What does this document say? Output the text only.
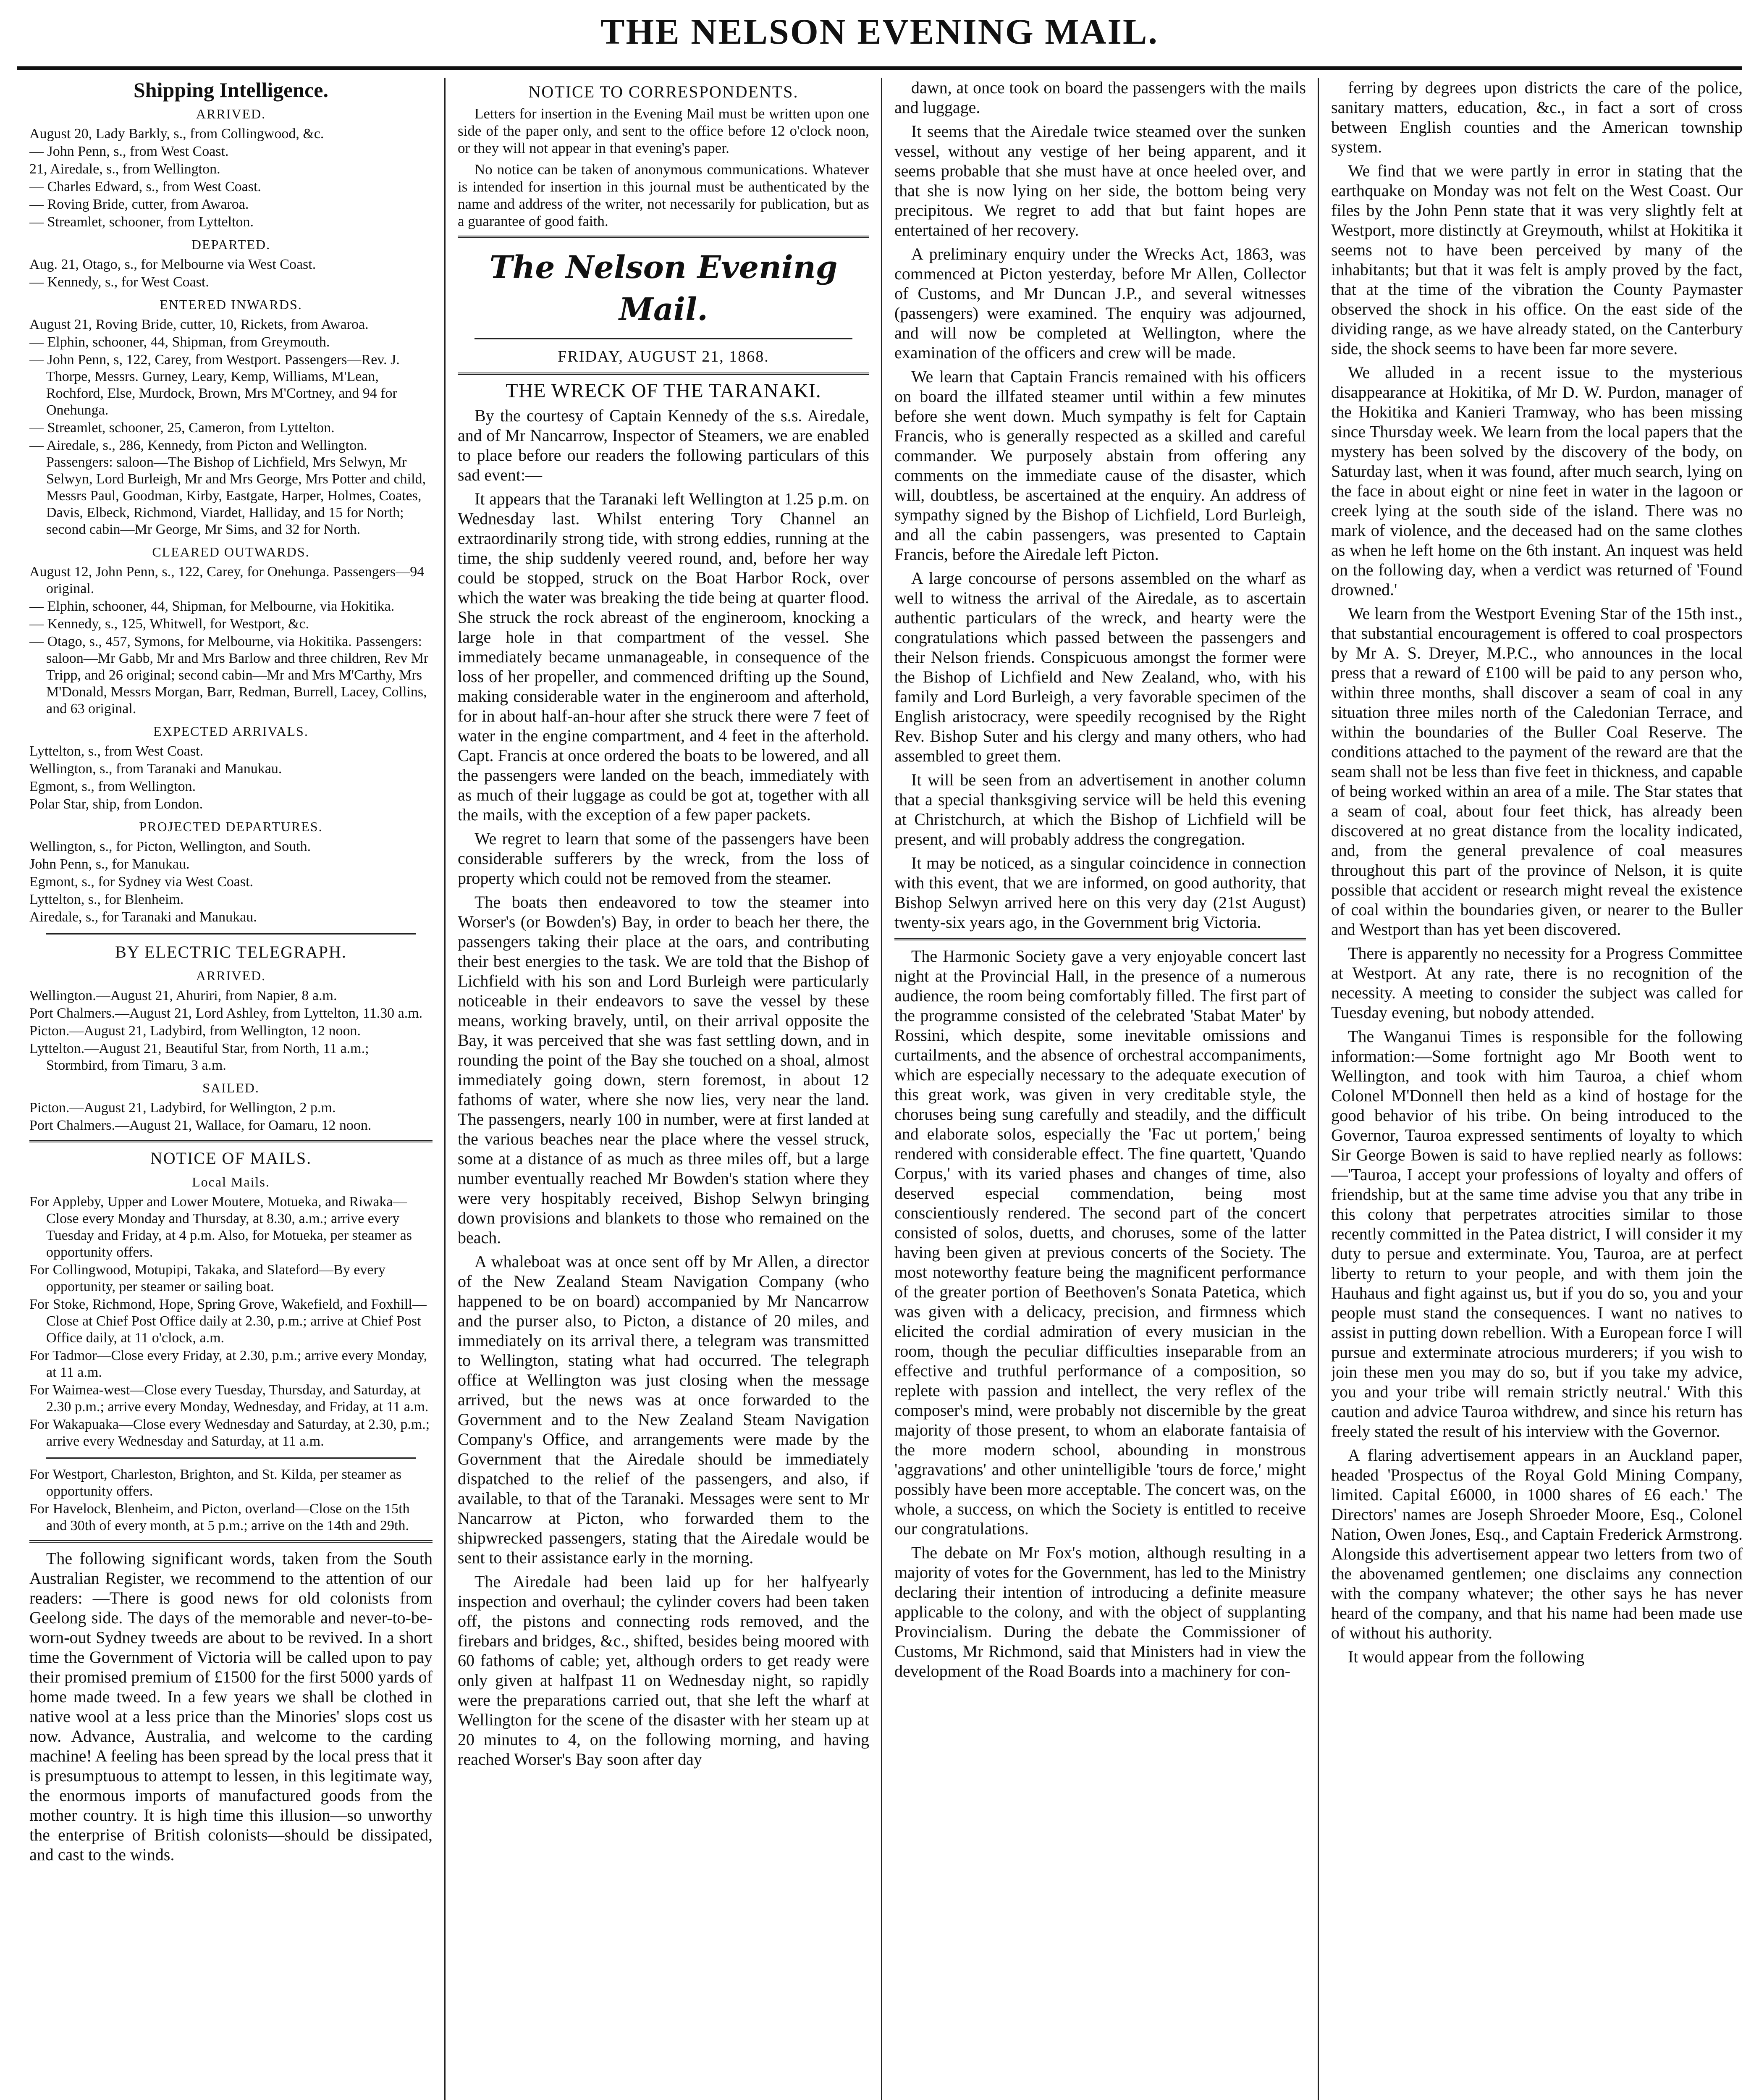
THE NELSON EVENING MAIL.
Shipping Intelligence.
ARRIVED.
August 20, Lady Barkly, s., from Collingwood, &c.
— John Penn, s., from West Coast.
21, Airedale, s., from Wellington.
— Charles Edward, s., from West Coast.
— Roving Bride, cutter, from Awaroa.
— Streamlet, schooner, from Lyttelton.
DEPARTED.
Aug. 21, Otago, s., for Melbourne via West Coast.
— Kennedy, s., for West Coast.
ENTERED INWARDS.
August 21, Roving Bride, cutter, 10, Rickets, from Awaroa.
— Elphin, schooner, 44, Shipman, from Greymouth.
— John Penn, s, 122, Carey, from Westport. Passengers—Rev. J. Thorpe, Messrs. Gurney, Leary, Kemp, Williams, M'Lean, Rochford, Else, Murdock, Brown, Mrs M'Cortney, and 94 for Onehunga.
— Streamlet, schooner, 25, Cameron, from Lyttelton.
— Airedale, s., 286, Kennedy, from Picton and Wellington. Passengers: saloon—The Bishop of Lichfield, Mrs Selwyn, Mr Selwyn, Lord Burleigh, Mr and Mrs George, Mrs Potter and child, Messrs Paul, Goodman, Kirby, Eastgate, Harper, Holmes, Coates, Davis, Elbeck, Richmond, Viardet, Halliday, and 15 for North; second cabin—Mr George, Mr Sims, and 32 for North.
CLEARED OUTWARDS.
August 12, John Penn, s., 122, Carey, for Onehunga. Passengers—94 original.
— Elphin, schooner, 44, Shipman, for Melbourne, via Hokitika.
— Kennedy, s., 125, Whitwell, for Westport, &c.
— Otago, s., 457, Symons, for Melbourne, via Hokitika. Passengers: saloon—Mr Gabb, Mr and Mrs Barlow and three children, Rev Mr Tripp, and 26 original; second cabin—Mr and Mrs M'Carthy, Mrs M'Donald, Messrs Morgan, Barr, Redman, Burrell, Lacey, Collins, and 63 original.
EXPECTED ARRIVALS.
Lyttelton, s., from West Coast.
Wellington, s., from Taranaki and Manukau.
Egmont, s., from Wellington.
Polar Star, ship, from London.
PROJECTED DEPARTURES.
Wellington, s., for Picton, Wellington, and South.
John Penn, s., for Manukau.
Egmont, s., for Sydney via West Coast.
Lyttelton, s., for Blenheim.
Airedale, s., for Taranaki and Manukau.
BY ELECTRIC TELEGRAPH.
ARRIVED.
Wellington.—August 21, Ahuriri, from Napier, 8 a.m.
Port Chalmers.—August 21, Lord Ashley, from Lyttelton, 11.30 a.m.
Picton.—August 21, Ladybird, from Wellington, 12 noon.
Lyttelton.—August 21, Beautiful Star, from North, 11 a.m.; Stormbird, from Timaru, 3 a.m.
SAILED.
Picton.—August 21, Ladybird, for Wellington, 2 p.m.
Port Chalmers.—August 21, Wallace, for Oamaru, 12 noon.
NOTICE OF MAILS.
Local Mails.
For Appleby, Upper and Lower Moutere, Motueka, and Riwaka—Close every Monday and Thursday, at 8.30, a.m.; arrive every Tuesday and Friday, at 4 p.m. Also, for Motueka, per steamer as opportunity offers.
For Collingwood, Motupipi, Takaka, and Slateford—By every opportunity, per steamer or sailing boat.
For Stoke, Richmond, Hope, Spring Grove, Wakefield, and Foxhill—Close at Chief Post Office daily at 2.30, p.m.; arrive at Chief Post Office daily, at 11 o'clock, a.m.
For Tadmor—Close every Friday, at 2.30, p.m.; arrive every Monday, at 11 a.m.
For Waimea-west—Close every Tuesday, Thursday, and Saturday, at 2.30 p.m.; arrive every Monday, Wednesday, and Friday, at 11 a.m.
For Wakapuaka—Close every Wednesday and Saturday, at 2.30, p.m.; arrive every Wednesday and Saturday, at 11 a.m.
For Westport, Charleston, Brighton, and St. Kilda, per steamer as opportunity offers.
For Havelock, Blenheim, and Picton, overland—Close on the 15th and 30th of every month, at 5 p.m.; arrive on the 14th and 29th.

The following significant words, taken from the South Australian Register, we recommend to the attention of our readers: —There is good news for old colonists from Geelong side. The days of the memorable and never-to-be-worn-out Sydney tweeds are about to be revived. In a short time the Government of Victoria will be called upon to pay their promised premium of £1500 for the first 5000 yards of home made tweed. In a few years we shall be clothed in native wool at a less price than the Minories' slops cost us now. Advance, Australia, and welcome to the carding machine! A feeling has been spread by the local press that it is presumptuous to attempt to lessen, in this legitimate way, the enormous imports of manufactured goods from the mother country. It is high time this illusion—so unworthy the enterprise of British colonists—should be dissipated, and cast to the winds.

NOTICE TO CORRESPONDENTS.

Letters for insertion in the Evening Mail must be written upon one side of the paper only, and sent to the office before 12 o'clock noon, or they will not appear in that evening's paper.

No notice can be taken of anonymous communications. Whatever is intended for insertion in this journal must be authenticated by the name and address of the writer, not necessarily for publication, but as a guarantee of good faith.

The Nelson Evening Mail.
FRIDAY, AUGUST 21, 1868.
THE WRECK OF THE TARANAKI.

By the courtesy of Captain Kennedy of the s.s. Airedale, and of Mr Nancarrow, Inspector of Steamers, we are enabled to place before our readers the following particulars of this sad event:—

It appears that the Taranaki left Wellington at 1.25 p.m. on Wednesday last. Whilst entering Tory Channel an extraordinarily strong tide, with strong eddies, running at the time, the ship suddenly veered round, and, before her way could be stopped, struck on the Boat Harbor Rock, over which the water was breaking the tide being at quarter flood. She struck the rock abreast of the engineroom, knocking a large hole in that compartment of the vessel. She immediately became unmanageable, in consequence of the loss of her propeller, and commenced drifting up the Sound, making considerable water in the engineroom and afterhold, for in about half-an-hour after she struck there were 7 feet of water in the engine compartment, and 4 feet in the afterhold. Capt. Francis at once ordered the boats to be lowered, and all the passengers were landed on the beach, immediately with as much of their luggage as could be got at, together with all the mails, with the exception of a few paper packets.

We regret to learn that some of the passengers have been considerable sufferers by the wreck, from the loss of property which could not be removed from the steamer.

The boats then endeavored to tow the steamer into Worser's (or Bowden's) Bay, in order to beach her there, the passengers taking their place at the oars, and contributing their best energies to the task. We are told that the Bishop of Lichfield with his son and Lord Burleigh were particularly noticeable in their endeavors to save the vessel by these means, working bravely, until, on their arrival opposite the Bay, it was perceived that she was fast settling down, and in rounding the point of the Bay she touched on a shoal, almost immediately going down, stern foremost, in about 12 fathoms of water, where she now lies, very near the land. The passengers, nearly 100 in number, were at first landed at the various beaches near the place where the vessel struck, some at a distance of as much as three miles off, but a large number eventually reached Mr Bowden's station where they were very hospitably received, Bishop Selwyn bringing down provisions and blankets to those who remained on the beach.

A whaleboat was at once sent off by Mr Allen, a director of the New Zealand Steam Navigation Company (who happened to be on board) accompanied by Mr Nancarrow and the purser also, to Picton, a distance of 20 miles, and immediately on its arrival there, a telegram was transmitted to Wellington, stating what had occurred. The telegraph office at Wellington was just closing when the message arrived, but the news was at once forwarded to the Government and to the New Zealand Steam Navigation Company's Office, and arrangements were made by the Government that the Airedale should be immediately dispatched to the relief of the passengers, and also, if available, to that of the Taranaki. Messages were sent to Mr Nancarrow at Picton, who forwarded them to the shipwrecked passengers, stating that the Airedale would be sent to their assistance early in the morning.

The Airedale had been laid up for her halfyearly inspection and overhaul; the cylinder covers had been taken off, the pistons and connecting rods removed, and the firebars and bridges, &c., shifted, besides being moored with 60 fathoms of cable; yet, although orders to get ready were only given at halfpast 11 on Wednesday night, so rapidly were the preparations carried out, that she left the wharf at Wellington for the scene of the disaster with her steam up at 20 minutes to 4, on the following morning, and having reached Worser's Bay soon after day

dawn, at once took on board the passengers with the mails and luggage.

It seems that the Airedale twice steamed over the sunken vessel, without any vestige of her being apparent, and it seems probable that she must have at once heeled over, and that she is now lying on her side, the bottom being very precipitous. We regret to add that but faint hopes are entertained of her recovery.

A preliminary enquiry under the Wrecks Act, 1863, was commenced at Picton yesterday, before Mr Allen, Collector of Customs, and Mr Duncan J.P., and several witnesses (passengers) were examined. The enquiry was adjourned, and will now be completed at Wellington, where the examination of the officers and crew will be made.

We learn that Captain Francis remained with his officers on board the illfated steamer until within a few minutes before she went down. Much sympathy is felt for Captain Francis, who is generally respected as a skilled and careful commander. We purposely abstain from offering any comments on the immediate cause of the disaster, which will, doubtless, be ascertained at the enquiry. An address of sympathy signed by the Bishop of Lichfield, Lord Burleigh, and all the cabin passengers, was presented to Captain Francis, before the Airedale left Picton.

A large concourse of persons assembled on the wharf as well to witness the arrival of the Airedale, as to ascertain authentic particulars of the wreck, and hearty were the congratulations which passed between the passengers and their Nelson friends. Conspicuous amongst the former were the Bishop of Lichfield and New Zealand, who, with his family and Lord Burleigh, a very favorable specimen of the English aristocracy, were speedily recognised by the Right Rev. Bishop Suter and his clergy and many others, who had assembled to greet them.

It will be seen from an advertisement in another column that a special thanksgiving service will be held this evening at Christchurch, at which the Bishop of Lichfield will be present, and will probably address the congregation.

It may be noticed, as a singular coincidence in connection with this event, that we are informed, on good authority, that Bishop Selwyn arrived here on this very day (21st August) twenty-six years ago, in the Government brig Victoria.

The Harmonic Society gave a very enjoyable concert last night at the Provincial Hall, in the presence of a numerous audience, the room being comfortably filled. The first part of the programme consisted of the celebrated 'Stabat Mater' by Rossini, which despite, some inevitable omissions and curtailments, and the absence of orchestral accompaniments, which are especially necessary to the adequate execution of this great work, was given in very creditable style, the choruses being sung carefully and steadily, and the difficult and elaborate solos, especially the 'Fac ut portem,' being rendered with considerable effect. The fine quartett, 'Quando Corpus,' with its varied phases and changes of time, also deserved especial commendation, being most conscientiously rendered. The second part of the concert consisted of solos, duetts, and choruses, some of the latter having been given at previous concerts of the Society. The most noteworthy feature being the magnificent performance of the greater portion of Beethoven's Sonata Patetica, which was given with a delicacy, precision, and firmness which elicited the cordial admiration of every musician in the room, though the peculiar difficulties inseparable from an effective and truthful performance of a composition, so replete with passion and intellect, the very reflex of the composer's mind, were probably not discernible by the great majority of those present, to whom an elaborate fantaisia of the more modern school, abounding in monstrous 'aggravations' and other unintelligible 'tours de force,' might possibly have been more acceptable. The concert was, on the whole, a success, on which the Society is entitled to receive our congratulations.

The debate on Mr Fox's motion, although resulting in a majority of votes for the Government, has led to the Ministry declaring their intention of introducing a definite measure applicable to the colony, and with the object of supplanting Provincialism. During the debate the Commissioner of Customs, Mr Richmond, said that Ministers had in view the development of the Road Boards into a machinery for con-

ferring by degrees upon districts the care of the police, sanitary matters, education, &c., in fact a sort of cross between English counties and the American township system.

We find that we were partly in error in stating that the earthquake on Monday was not felt on the West Coast. Our files by the John Penn state that it was very slightly felt at Westport, more distinctly at Greymouth, whilst at Hokitika it seems not to have been perceived by many of the inhabitants; but that it was felt is amply proved by the fact, that at the time of the vibration the County Paymaster observed the shock in his office. On the east side of the dividing range, as we have already stated, on the Canterbury side, the shock seems to have been far more severe.

We alluded in a recent issue to the mysterious disappearance at Hokitika, of Mr D. W. Purdon, manager of the Hokitika and Kanieri Tramway, who has been missing since Thursday week. We learn from the local papers that the mystery has been solved by the discovery of the body, on Saturday last, when it was found, after much search, lying on the face in about eight or nine feet in water in the lagoon or creek lying at the south side of the island. There was no mark of violence, and the deceased had on the same clothes as when he left home on the 6th instant. An inquest was held on the following day, when a verdict was returned of 'Found drowned.'

We learn from the Westport Evening Star of the 15th inst., that substantial encouragement is offered to coal prospectors by Mr A. S. Dreyer, M.P.C., who announces in the local press that a reward of £100 will be paid to any person who, within three months, shall discover a seam of coal in any situation three miles north of the Caledonian Terrace, and within the boundaries of the Buller Coal Reserve. The conditions attached to the payment of the reward are that the seam shall not be less than five feet in thickness, and capable of being worked within an area of a mile. The Star states that a seam of coal, about four feet thick, has already been discovered at no great distance from the locality indicated, and, from the general prevalence of coal measures throughout this part of the province of Nelson, it is quite possible that accident or research might reveal the existence of coal within the boundaries given, or nearer to the Buller and Westport than has yet been discovered.

There is apparently no necessity for a Progress Committee at Westport. At any rate, there is no recognition of the necessity. A meeting to consider the subject was called for Tuesday evening, but nobody attended.

The Wanganui Times is responsible for the following information:—Some fortnight ago Mr Booth went to Wellington, and took with him Tauroa, a chief whom Colonel M'Donnell then held as a kind of hostage for the good behavior of his tribe. On being introduced to the Governor, Tauroa expressed sentiments of loyalty to which Sir George Bowen is said to have replied nearly as follows:—'Tauroa, I accept your professions of loyalty and offers of friendship, but at the same time advise you that any tribe in this colony that perpetrates atrocities similar to those recently committed in the Patea district, I will consider it my duty to persue and exterminate. You, Tauroa, are at perfect liberty to return to your people, and with them join the Hauhaus and fight against us, but if you do so, you and your people must stand the consequences. I want no natives to assist in putting down rebellion. With a European force I will pursue and exterminate atrocious murderers; if you wish to join these men you may do so, but if you take my advice, you and your tribe will remain strictly neutral.' With this caution and advice Tauroa withdrew, and since his return has freely stated the result of his interview with the Governor.

A flaring advertisement appears in an Auckland paper, headed 'Prospectus of the Royal Gold Mining Company, limited. Capital £6000, in 1000 shares of £6 each.' The Directors' names are Joseph Shroeder Moore, Esq., Colonel Nation, Owen Jones, Esq., and Captain Frederick Armstrong. Alongside this advertisement appear two letters from two of the abovenamed gentlemen; one disclaims any connection with the company whatever; the other says he has never heard of the company, and that his name had been made use of without his authority.

It would appear from the following
